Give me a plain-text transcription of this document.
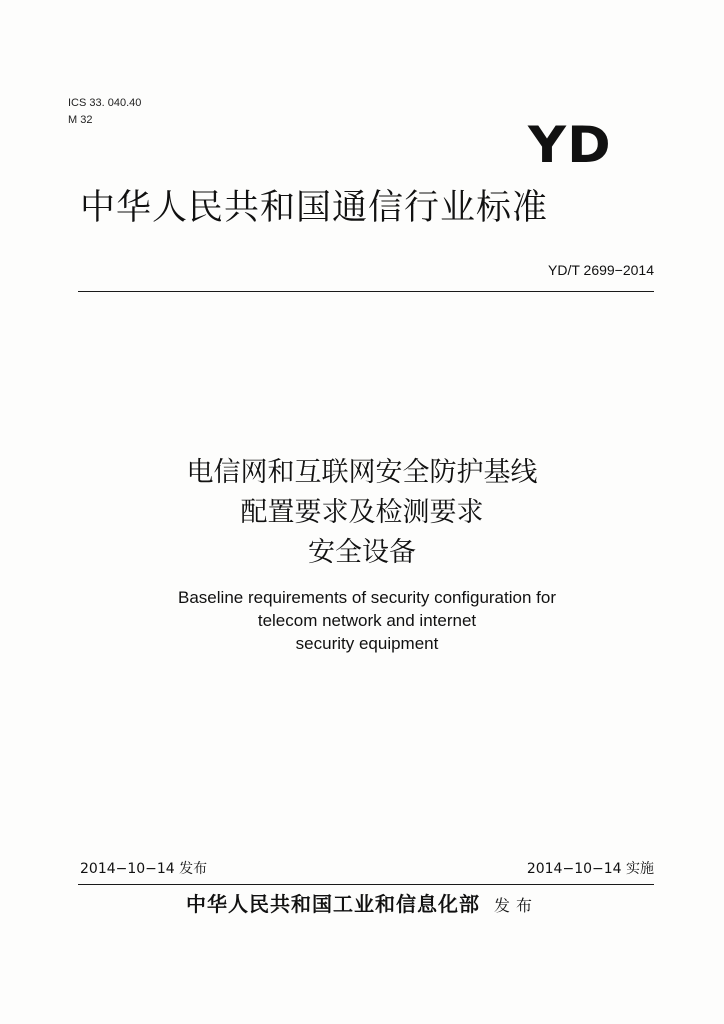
ICS 33. 040.40
M 32	YD
中华人民共和国通信行业标准
YD/T 2699−2014
电信网和互联网安全防护基线
配置要求及检测要求
安全设备
Baseline requirements of security configuration for
telecom network and internet
security equipment
2014−10−14 发布	2014−10−14 实施
中华人民共和国工业和信息化部 发布
